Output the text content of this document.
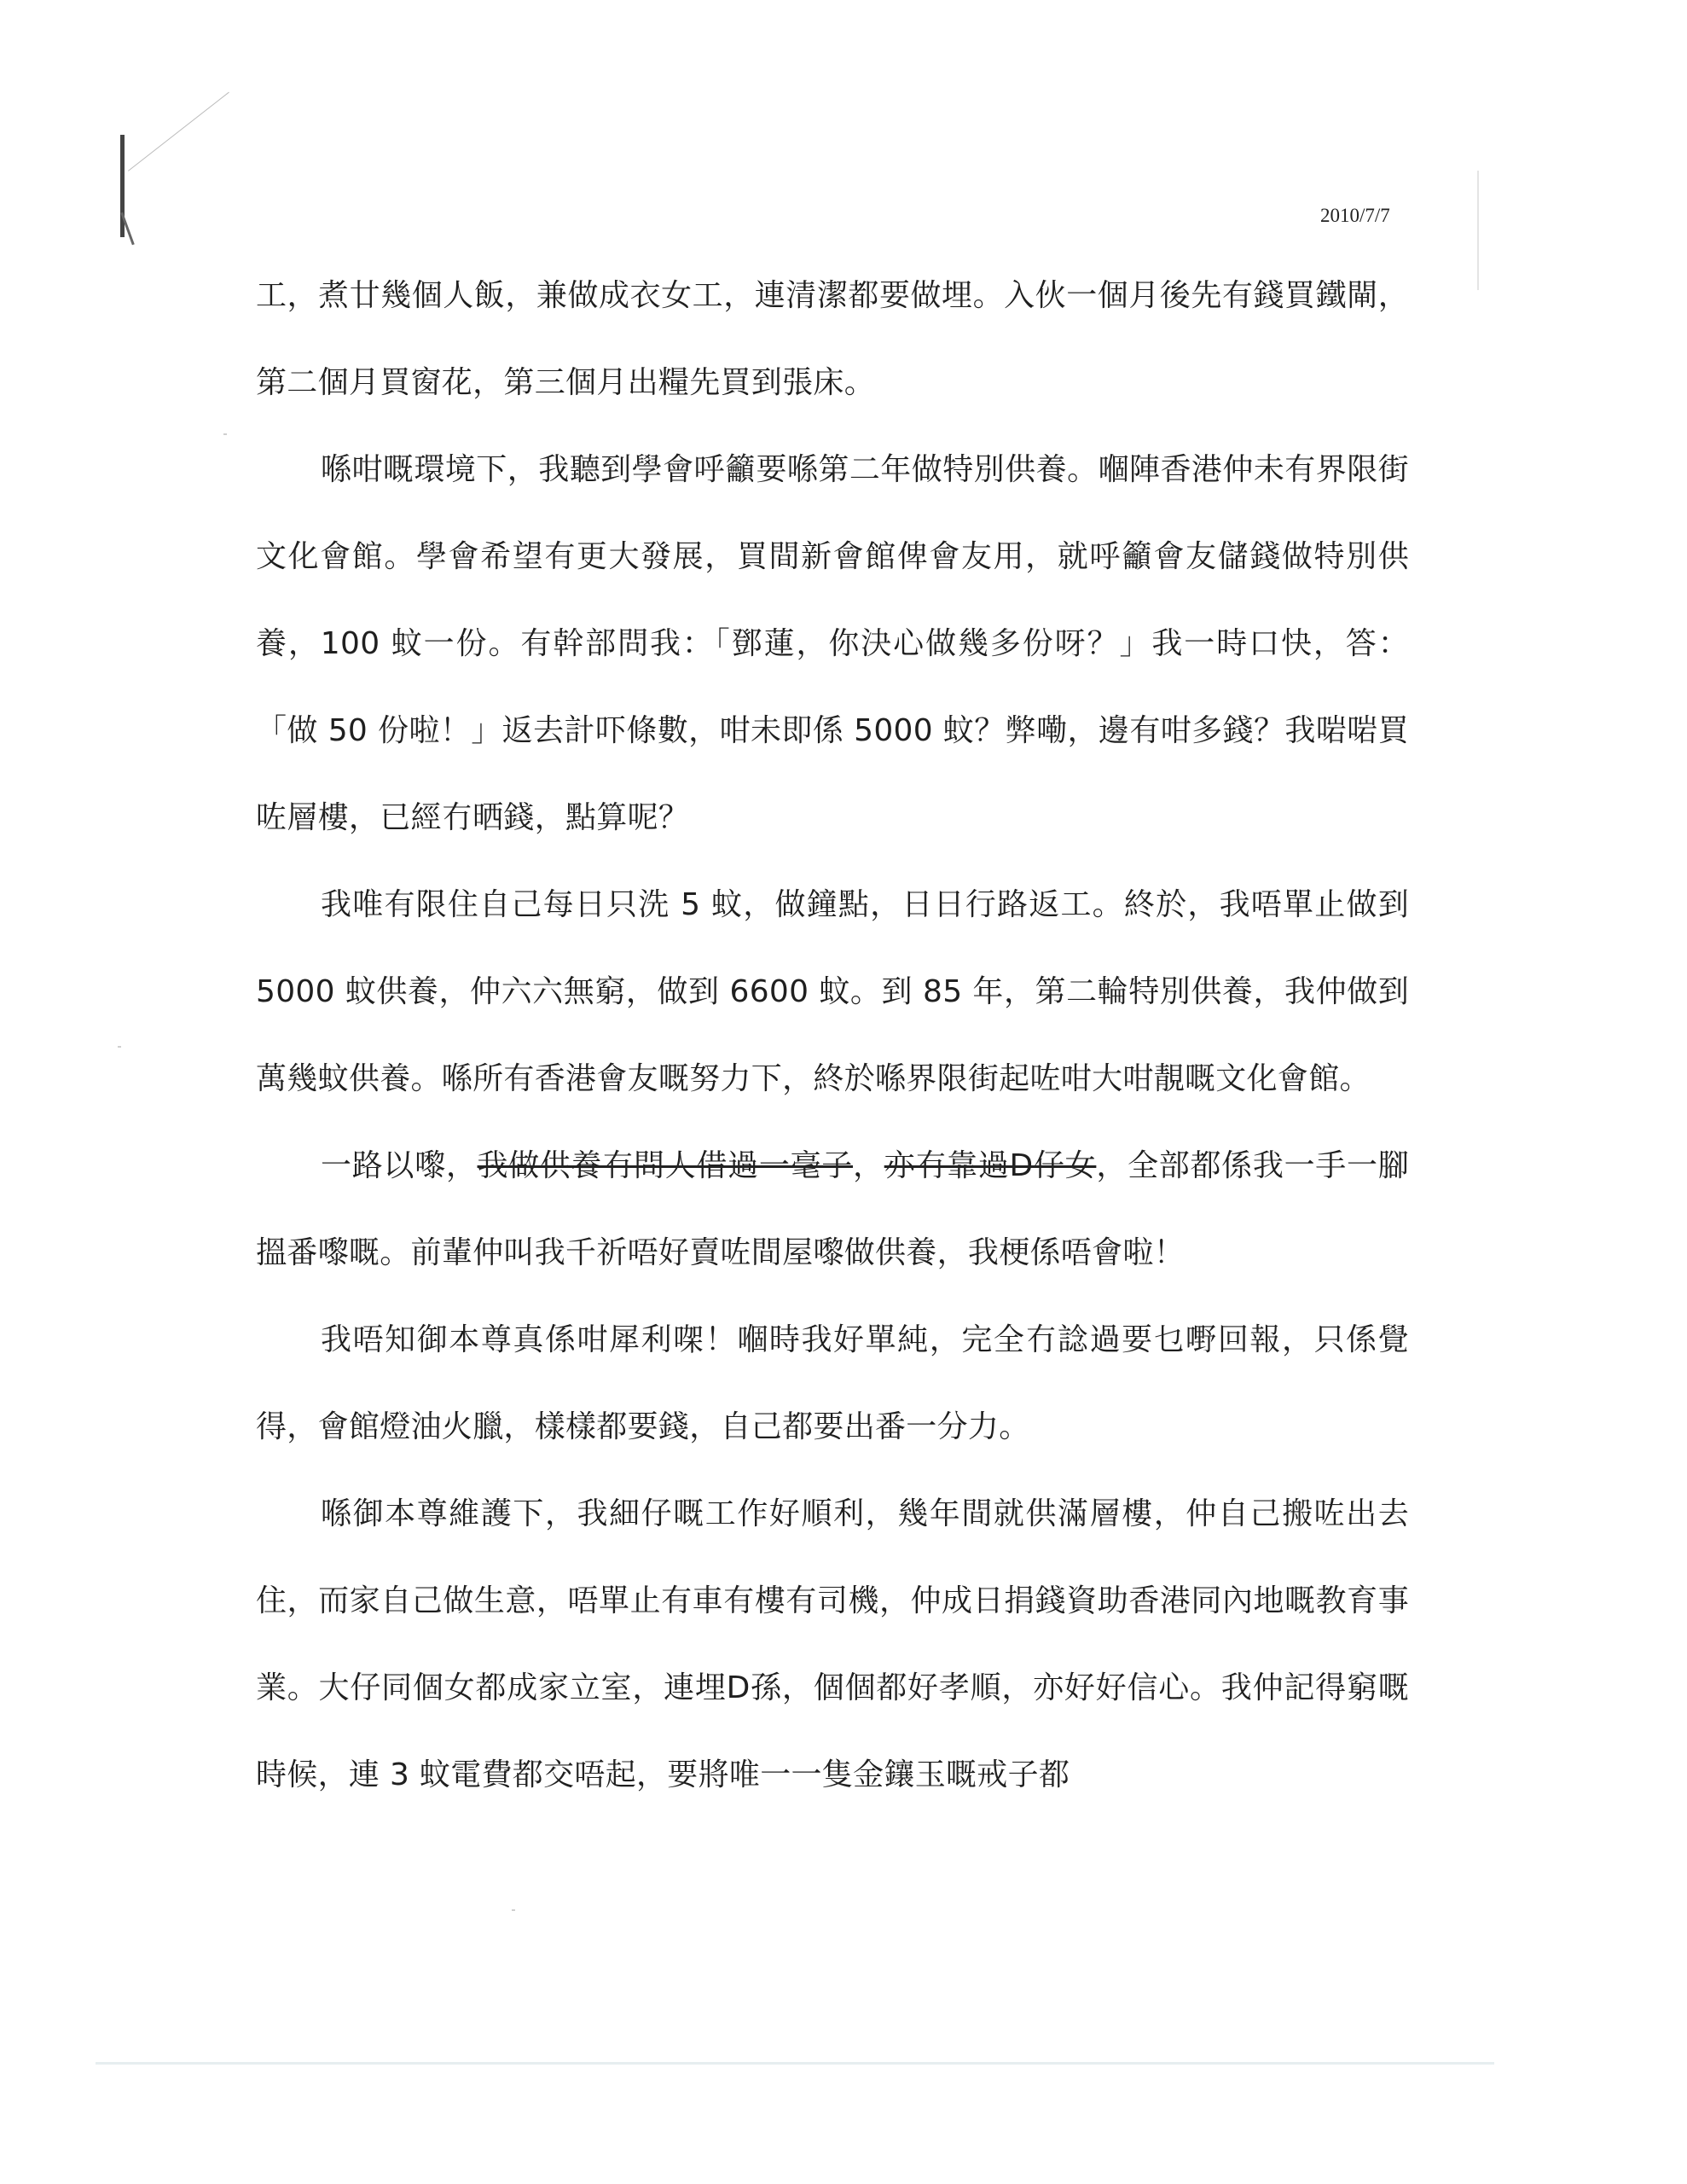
2010/7/7

工，煮廿幾個人飯，兼做成衣女工，連清潔都要做埋。入伙一個月後先有錢買鐵閘，第二個月買窗花，第三個月出糧先買到張床。

喺咁嘅環境下，我聽到學會呼籲要喺第二年做特別供養。嗰陣香港仲未有界限街文化會館。學會希望有更大發展，買間新會館俾會友用，就呼籲會友儲錢做特別供養，100 蚊一份。有幹部問我：「鄧蓮，你決心做幾多份呀？」我一時口快，答：「做 50 份啦！」返去計吓條數，咁未即係 5000 蚊？弊嘞，邊有咁多錢？我啱啱買咗層樓，已經冇晒錢，點算呢？

我唯有限住自己每日只洗 5 蚊，做鐘點，日日行路返工。終於，我唔單止做到 5000 蚊供養，仲六六無窮，做到 6600 蚊。到 85 年，第二輪特別供養，我仲做到萬幾蚊供養。喺所有香港會友嘅努力下，終於喺界限街起咗咁大咁靚嘅文化會館。

一路以嚟，我做供養冇問人借過一毫子，亦冇靠過D仔女，全部都係我一手一腳搵番嚟嘅。前輩仲叫我千祈唔好賣咗間屋嚟做供養，我梗係唔會啦！

我唔知御本尊真係咁犀利㗎！嗰時我好單純，完全冇諗過要乜嘢回報，只係覺得，會館燈油火臘，樣樣都要錢，自己都要出番一分力。

喺御本尊維護下，我細仔嘅工作好順利，幾年間就供滿層樓，仲自己搬咗出去住，而家自己做生意，唔單止有車有樓有司機，仲成日捐錢資助香港同內地嘅教育事業。大仔同個女都成家立室，連埋D孫，個個都好孝順，亦好好信心。我仲記得窮嘅時候，連 3 蚊電費都交唔起，要將唯一一隻金鑲玉嘅戒子都
